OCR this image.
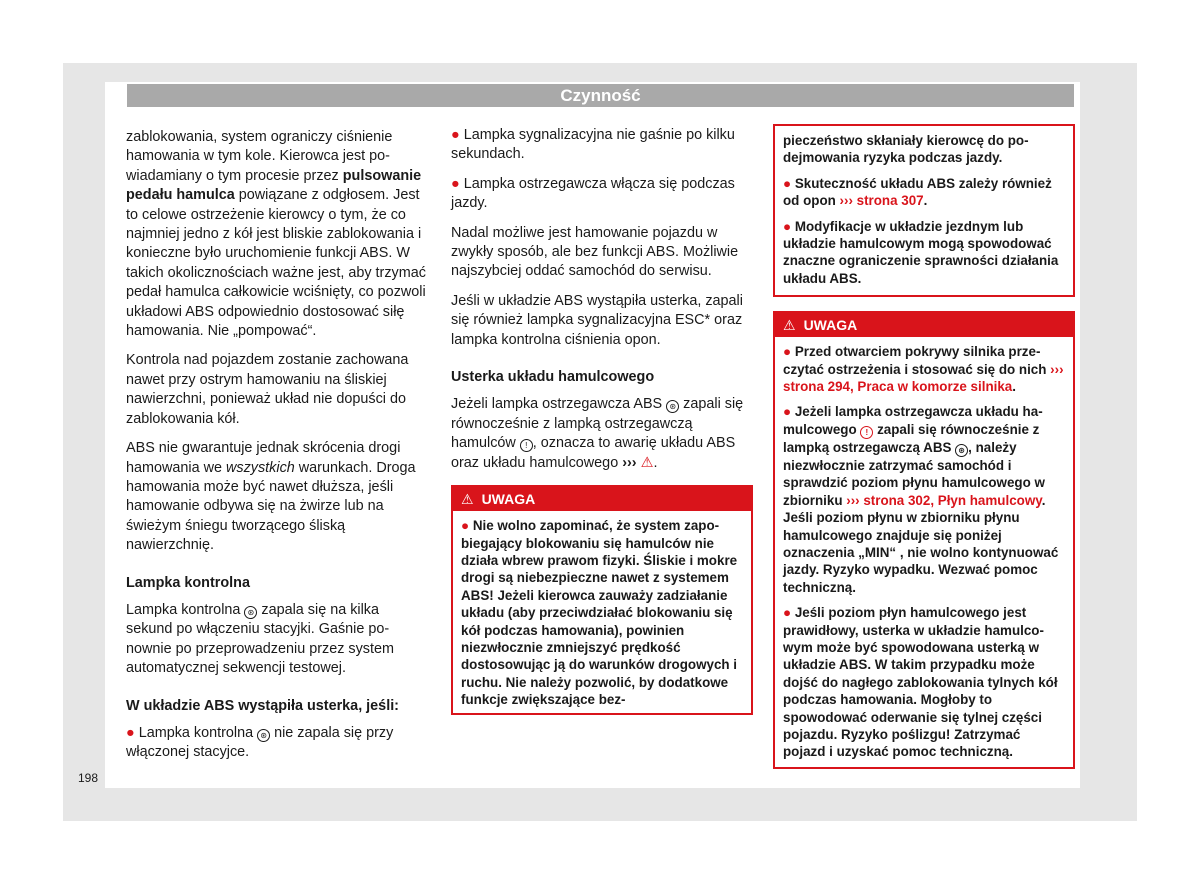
Czynność

zablokowania, system ograniczy ciśnienie hamowania w tym kole. Kierowca jest powiadamiany o tym procesie przez pulsowanie pedału hamulca powiązane z odgłosem. Jest to celowe ostrzeżenie kierowcy o tym, że co najmniej jedno z kół jest bliskie zablokowania i konieczne było uruchomienie funkcji ABS. W takich okolicznościach ważne jest, aby trzymać pedał hamulca całkowicie wciśnięty, co pozwoli układowi ABS odpowiednio dostosować siłę hamowania. Nie „pompować“.

Kontrola nad pojazdem zostanie zachowana nawet przy ostrym hamowaniu na śliskiej nawierzchni, ponieważ układ nie dopuści do zablokowania kół.

ABS nie gwarantuje jednak skrócenia drogi hamowania we wszystkich warunkach. Droga hamowania może być nawet dłuższa, jeśli hamowanie odbywa się na żwirze lub na świeżym śniegu tworzącego śliską nawierzchnię.

Lampka kontrolna

Lampka kontrolna ⊛ zapala się na kilka sekund po włączeniu stacyjki. Gaśnie ponownie po przeprowadzeniu przez system automatycznej sekwencji testowej.

W układzie ABS wystąpiła usterka, jeśli:

● Lampka kontrolna ⊛ nie zapala się przy włączonej stacyjce.

● Lampka sygnalizacyjna nie gaśnie po kilku sekundach.

● Lampka ostrzegawcza włącza się podczas jazdy.

Nadal możliwe jest hamowanie pojazdu w zwykły sposób, ale bez funkcji ABS. Możliwie najszybciej oddać samochód do serwisu.

Jeśli w układzie ABS wystąpiła usterka, zapali się również lampka sygnalizacyjna ESC* oraz lampka kontrolna ciśnienia opon.

Usterka układu hamulcowego

Jeżeli lampka ostrzegawcza ABS ⊛ zapali się równocześnie z lampką ostrzegawczą hamulców ! , oznacza to awarię układu ABS oraz układu hamulcowego ››› ⚠.

⚠ UWAGA

● Nie wolno zapominać, że system zapobiegający blokowaniu się hamulców nie działa wbrew prawom fizyki. Śliskie i mokre drogi są niebezpieczne nawet z systemem ABS! Jeżeli kierowca zauważy zadziałanie układu (aby przeciwdziałać blokowaniu się kół podczas hamowania), powinien niezwłocznie zmniejszyć prędkość dostosowując ją do warunków drogowych i ruchu. Nie należy pozwolić, by dodatkowe funkcje zwiększające bez-

pieczeństwo skłaniały kierowcę do podejmowania ryzyka podczas jazdy.

● Skuteczność układu ABS zależy również od opon ››› strona 307.

● Modyfikacje w układzie jezdnym lub układzie hamulcowym mogą spowodować znaczne ograniczenie sprawności działania układu ABS.

⚠ UWAGA

● Przed otwarciem pokrywy silnika przeczytać ostrzeżenia i stosować się do nich ››› strona 294, Praca w komorze silnika.

● Jeżeli lampka ostrzegawcza układu hamulcowego ! zapali się równocześnie z lampką ostrzegawczą ABS ⊛ , należy niezwłocznie zatrzymać samochód i sprawdzić poziom płynu hamulcowego w zbiorniku ››› strona 302, Płyn hamulcowy. Jeśli poziom płynu w zbiorniku płynu hamulcowego znajduje się poniżej oznaczenia „MIN“ , nie wolno kontynuować jazdy. Ryzyko wypadku. Wezwać pomoc techniczną.

● Jeśli poziom płyn hamulcowego jest prawidłowy, usterka w układzie hamulcowym może być spowodowana usterką w układzie ABS. W takim przypadku może dojść do nagłego zablokowania tylnych kół podczas hamowania. Mogłoby to spowodować oderwanie się tylnej części pojazdu. Ryzyko poślizgu! Zatrzymać pojazd i uzyskać pomoc techniczną.

198
